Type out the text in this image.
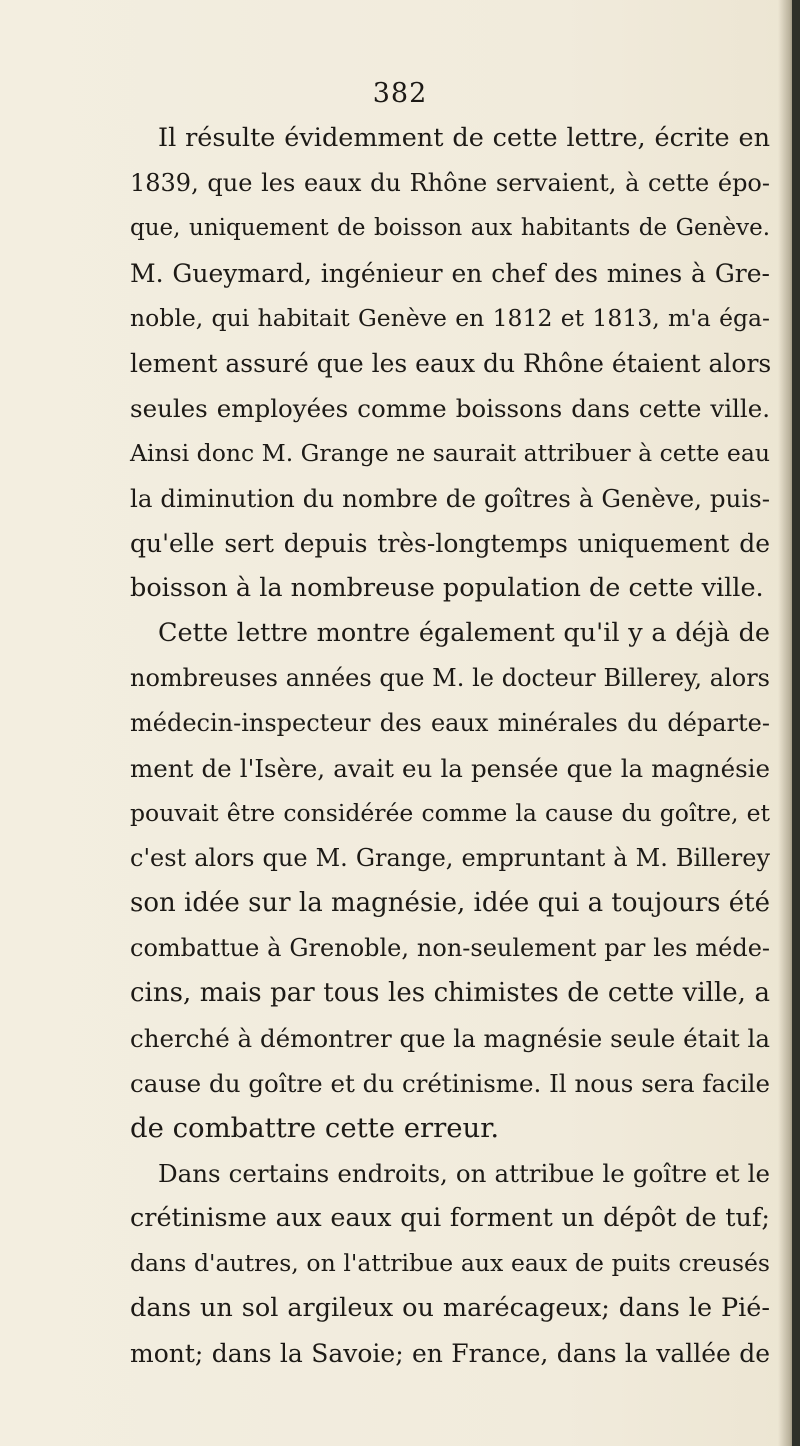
382
Il résulte évidemment de cette lettre, écrite en
1839, que les eaux du Rhône servaient, à cette épo-
que, uniquement de boisson aux habitants de Genève.
M. Gueymard, ingénieur en chef des mines à Gre-
noble, qui habitait Genève en 1812 et 1813, m'a éga-
lement assuré que les eaux du Rhône étaient alors
seules employées comme boissons dans cette ville.
Ainsi donc M. Grange ne saurait attribuer à cette eau
la diminution du nombre de goîtres à Genève, puis-
qu'elle sert depuis très-longtemps uniquement de
boisson à la nombreuse population de cette ville.
Cette lettre montre également qu'il y a déjà de
nombreuses années que M. le docteur Billerey, alors
médecin-inspecteur des eaux minérales du départe-
ment de l'Isère, avait eu la pensée que la magnésie
pouvait être considérée comme la cause du goître, et
c'est alors que M. Grange, empruntant à M. Billerey
son idée sur la magnésie, idée qui a toujours été
combattue à Grenoble, non-seulement par les méde-
cins, mais par tous les chimistes de cette ville, a
cherché à démontrer que la magnésie seule était la
cause du goître et du crétinisme. Il nous sera facile
de combattre cette erreur.
Dans certains endroits, on attribue le goître et le
crétinisme aux eaux qui forment un dépôt de tuf;
dans d'autres, on l'attribue aux eaux de puits creusés
dans un sol argileux ou marécageux; dans le Pié-
mont; dans la Savoie; en France, dans la vallée de
